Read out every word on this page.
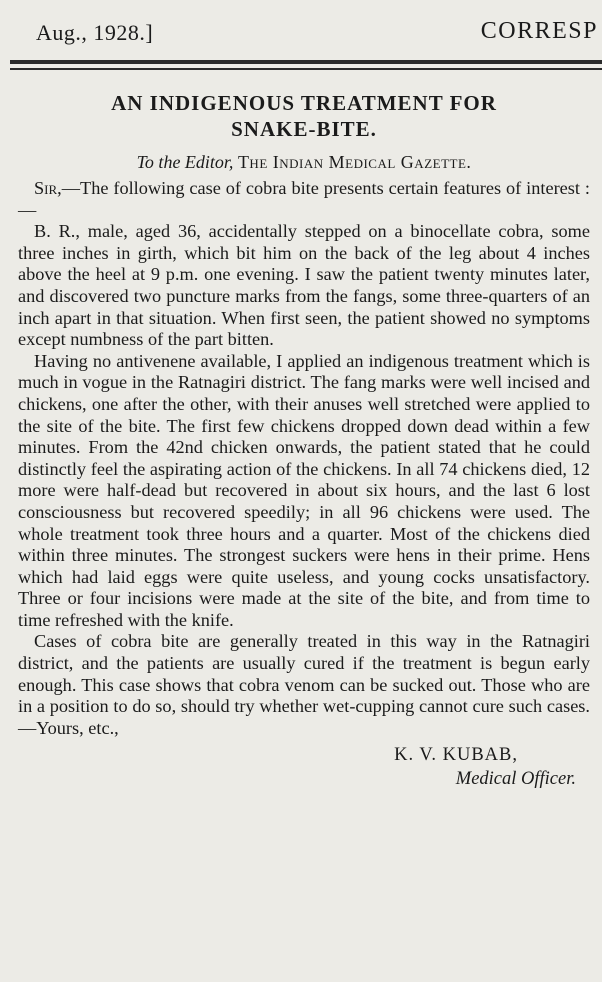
Aug., 1928.]	CORRESP
AN INDIGENOUS TREATMENT FOR
SNAKE-BITE.
To the Editor, The Indian Medical Gazette.

Sir,—The following case of cobra bite presents certain features of interest :—

B. R., male, aged 36, accidentally stepped on a binocellate cobra, some three inches in girth, which bit him on the back of the leg about 4 inches above the heel at 9 p.m. one evening. I saw the patient twenty minutes later, and discovered two puncture marks from the fangs, some three-quarters of an inch apart in that situation. When first seen, the patient showed no symptoms except numbness of the part bitten.

Having no antivenene available, I applied an indigenous treatment which is much in vogue in the Ratnagiri district. The fang marks were well incised and chickens, one after the other, with their anuses well stretched were applied to the site of the bite. The first few chickens dropped down dead within a few minutes. From the 42nd chicken onwards, the patient stated that he could distinctly feel the aspirating action of the chickens. In all 74 chickens died, 12 more were half-dead but recovered in about six hours, and the last 6 lost consciousness but recovered speedily; in all 96 chickens were used. The whole treatment took three hours and a quarter. Most of the chickens died within three minutes. The strongest suckers were hens in their prime. Hens which had laid eggs were quite useless, and young cocks unsatisfactory. Three or four incisions were made at the site of the bite, and from time to time refreshed with the knife.

Cases of cobra bite are generally treated in this way in the Ratnagiri district, and the patients are usually cured if the treatment is begun early enough. This case shows that cobra venom can be sucked out. Those who are in a position to do so, should try whether wet-cupping cannot cure such cases.—Yours, etc.,

K. V. KUBAB,
Medical Officer.
